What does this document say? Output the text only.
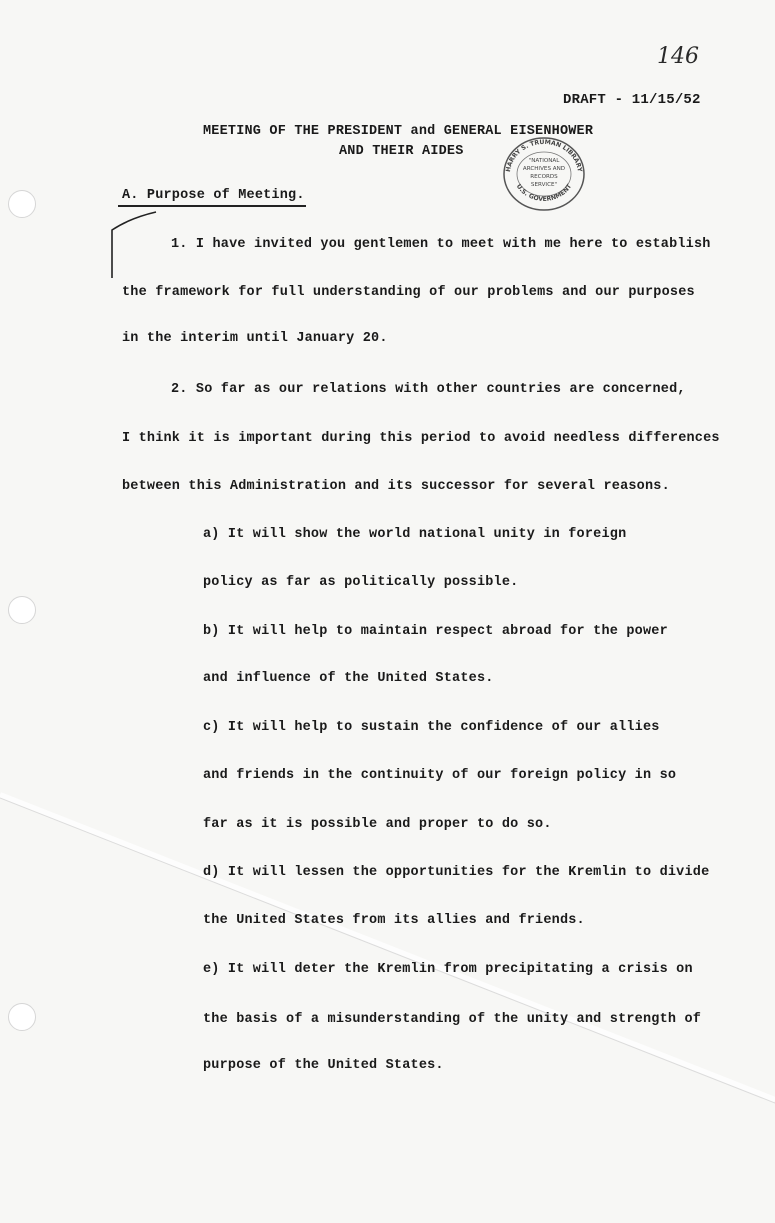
146
DRAFT - 11/15/52
MEETING OF THE PRESIDENT and GENERAL EISENHOWER
AND THEIR AIDES
HARRY S. TRUMAN LIBRARY
U.S. GOVERNMENT
"NATIONAL
ARCHIVES AND
RECORDS
SERVICE"
A. Purpose of Meeting.
1. I have invited you gentlemen to meet with me here to establish
the framework for full understanding of our problems and our purposes
in the interim until January 20.
2. So far as our relations with other countries are concerned,
I think it is important during this period to avoid needless differences
between this Administration and its successor for several reasons.
a) It will show the world national unity in foreign
policy as far as politically possible.
b) It will help to maintain respect abroad for the power
and influence of the United States.
c) It will help to sustain the confidence of our allies
and friends in the continuity of our foreign policy in so
far as it is possible and proper to do so.
d) It will lessen the opportunities for the Kremlin to divide
the United States from its allies and friends.
e) It will deter the Kremlin from precipitating a crisis on
the basis of a misunderstanding of the unity and strength of
purpose of the United States.
